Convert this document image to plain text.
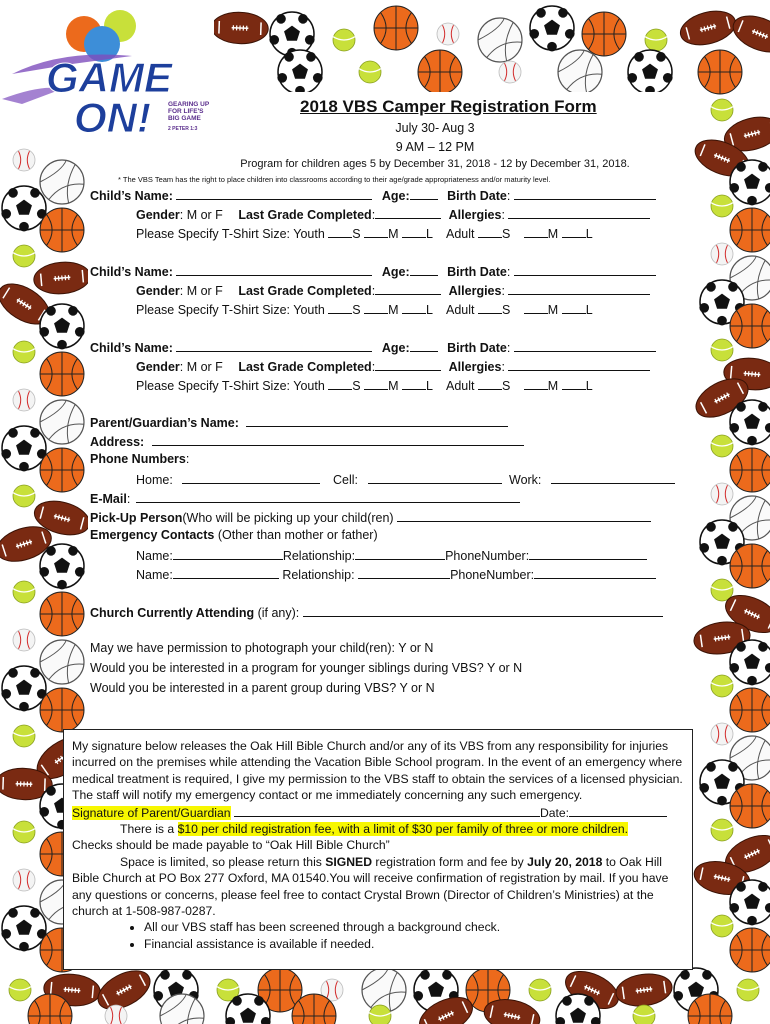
GAME
ON!	GEARING UP
FOR LIFE'S
BIG GAME
2 PETER 1:3
2018 VBS Camper Registration Form
July 30- Aug 3
9 AM – 12 PM
Program for children ages 5 by December 31, 2018 - 12 by December 31, 2018.
* The VBS Team has the right to place children into classrooms according to their age/grade appropriateness and/or maturity level.
Child’s Name:	Age:	Birth Date:
Gender: M or F Last Grade Completed:	Allergies:
Please Specify T-Shirt Size: Youth S M L Adult S	M L
Child’s Name:	Age:	Birth Date:
Gender: M or F Last Grade Completed:	Allergies:
Please Specify T-Shirt Size: Youth S M L Adult S	M L
Child’s Name:	Age:	Birth Date:
Gender: M or F Last Grade Completed:	Allergies:
Please Specify T-Shirt Size: Youth S M L Adult S	M L
Parent/Guardian’s Name:
Address:
Phone Numbers:
Home:	Cell:	Work:
E-Mail:
Pick-Up Person(Who will be picking up your child(ren)
Emergency Contacts (Other than mother or father)
Name:	Relationship:	PhoneNumber:
Name:	Relationship:	PhoneNumber:
Church Currently Attending (if any):
May we have permission to photograph your child(ren): Y or N
Would you be interested in a program for younger siblings during VBS? Y or N
Would you be interested in a parent group during VBS? Y or N

My signature below releases the Oak Hill Bible Church and/or any of its VBS from any responsibility for injuries incurred on the premises while attending the Vacation Bible School program. In the event of an emergency where medical treatment is required, I give my permission to the VBS staff to obtain the services of a licensed physician. The staff will notify my emergency contact or me immediately concerning any such emergency.

Signature of Parent/Guardian	Date:

There is a $10 per child registration fee, with a limit of $30 per family of three or more children.

Checks should be made payable to “Oak Hill Bible Church”

Space is limited, so please return this SIGNED registration form and fee by July 20, 2018 to Oak Hill Bible Church at PO Box 277 Oxford, MA 01540.You will receive confirmation of registration by mail. If you have any questions or concerns, please feel free to contact Crystal Brown (Director of Children’s Ministries) at the church at 1-508-987-0287.

• All our VBS staff has been screened through a background check.
• Financial assistance is available if needed.
